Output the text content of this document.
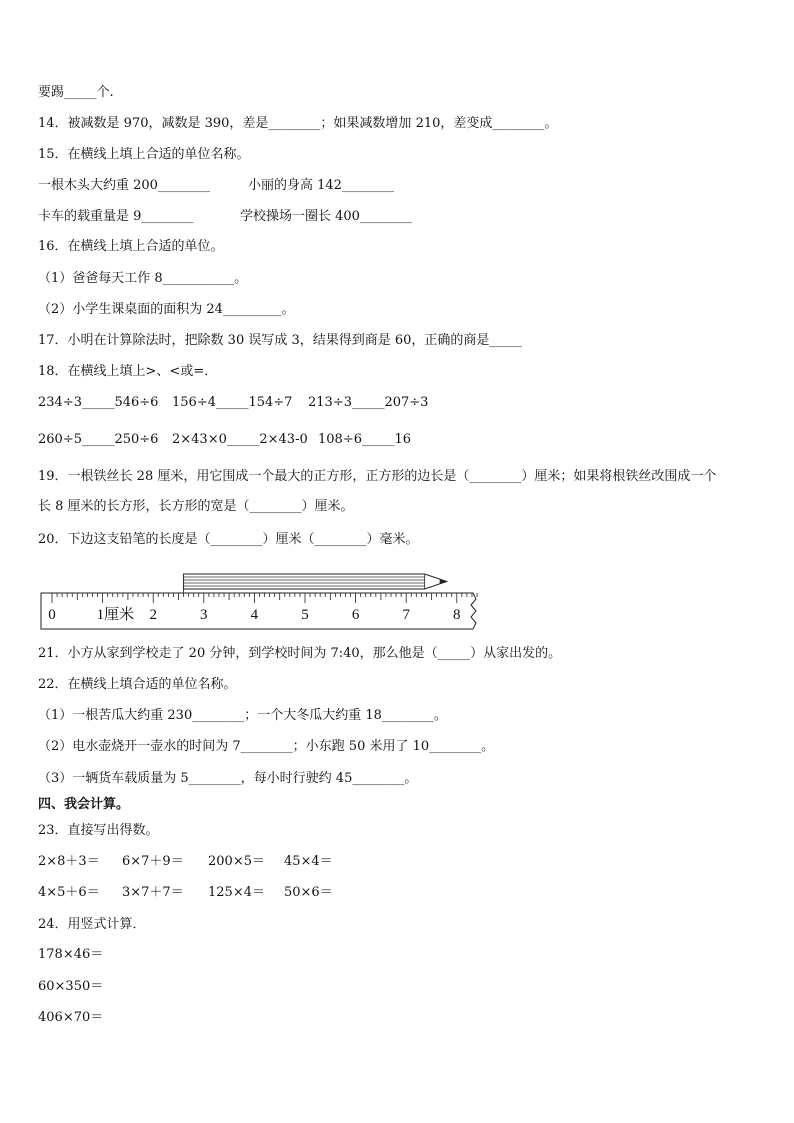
要踢_____个.
14．被减数是 970，减数是 390，差是________；如果减数增加 210，差变成________。
15．在横线上填上合适的单位名称。
一根木头大约重 200________	小丽的身高 142________
卡车的载重量是 9________	学校操场一圈长 400________
16．在横线上填上合适的单位。
（1）爸爸每天工作 8___________。
（2）小学生课桌面的面积为 24_________。
17．小明在计算除法时，把除数 30 误写成 3，结果得到商是 60，正确的商是_____
18．在横线上填上>、<或=．
234÷3_____546÷6 156÷4_____154÷7 213÷3_____207÷3
260÷5_____250÷6 2×43×0_____2×43-0 108÷6_____16
19．一根铁丝长 28 厘米，用它围成一个最大的正方形，正方形的边长是（________）厘米；如果将根铁丝改围成一个
长 8 厘米的长方形，长方形的宽是（________）厘米。
20．下边这支铅笔的长度是（________）厘米（________）毫米。
0	1厘米 2	3	4	5	6	7	8
21．小方从家到学校走了 20 分钟，到学校时间为 7:40，那么他是（_____）从家出发的。
22．在横线上填合适的单位名称。
（1）一根苦瓜大约重 230________；一个大冬瓜大约重 18________。
（2）电水壶烧开一壶水的时间为 7________；小东跑 50 米用了 10________。
（3）一辆货车载质量为 5________，每小时行驶约 45________。
四、我会计算。
23．直接写出得数。
2×8＋3＝ 6×7＋9＝ 200×5＝ 45×4＝
4×5＋6＝ 3×7＋7＝ 125×4＝ 50×6＝
24．用竖式计算．
178×46＝
60×350＝
406×70＝
